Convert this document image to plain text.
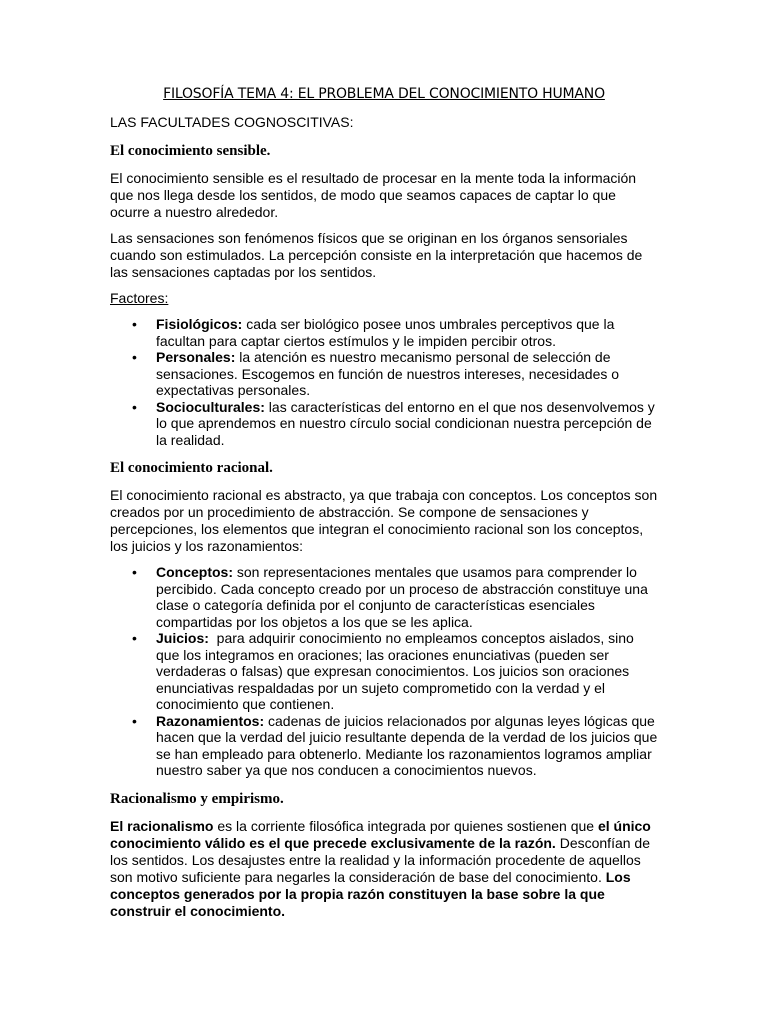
FILOSOFÍA TEMA 4: EL PROBLEMA DEL CONOCIMIENTO HUMANO
LAS FACULTADES COGNOSCITIVAS:
El conocimiento sensible.

El conocimiento sensible es el resultado de procesar en la mente toda la información que nos llega desde los sentidos, de modo que seamos capaces de captar lo que ocurre a nuestro alrededor.

Las sensaciones son fenómenos físicos que se originan en los órganos sensoriales cuando son estimulados. La percepción consiste en la interpretación que hacemos de las sensaciones captadas por los sentidos.

Factores:

• Fisiológicos: cada ser biológico posee unos umbrales perceptivos que la facultan para captar ciertos estímulos y le impiden percibir otros.
• Personales: la atención es nuestro mecanismo personal de selección de sensaciones. Escogemos en función de nuestros intereses, necesidades o expectativas personales.
• Socioculturales: las características del entorno en el que nos desenvolvemos y lo que aprendemos en nuestro círculo social condicionan nuestra percepción de la realidad.
El conocimiento racional.

El conocimiento racional es abstracto, ya que trabaja con conceptos. Los conceptos son creados por un procedimiento de abstracción. Se compone de sensaciones y percepciones, los elementos que integran el conocimiento racional son los conceptos, los juicios y los razonamientos:

• Conceptos: son representaciones mentales que usamos para comprender lo percibido. Cada concepto creado por un proceso de abstracción constituye una clase o categoría definida por el conjunto de características esenciales compartidas por los objetos a los que se les aplica.
• Juicios:  para adquirir conocimiento no empleamos conceptos aislados, sino que los integramos en oraciones; las oraciones enunciativas (pueden ser verdaderas o falsas) que expresan conocimientos. Los juicios son oraciones enunciativas respaldadas por un sujeto comprometido con la verdad y el conocimiento que contienen.
• Razonamientos: cadenas de juicios relacionados por algunas leyes lógicas que hacen que la verdad del juicio resultante dependa de la verdad de los juicios que se han empleado para obtenerlo. Mediante los razonamientos logramos ampliar nuestro saber ya que nos conducen a conocimientos nuevos.
Racionalismo y empirismo.

El racionalismo es la corriente filosófica integrada por quienes sostienen que el único conocimiento válido es el que precede exclusivamente de la razón. Desconfían de los sentidos. Los desajustes entre la realidad y la información procedente de aquellos son motivo suficiente para negarles la consideración de base del conocimiento. Los conceptos generados por la propia razón constituyen la base sobre la que construir el conocimiento.
